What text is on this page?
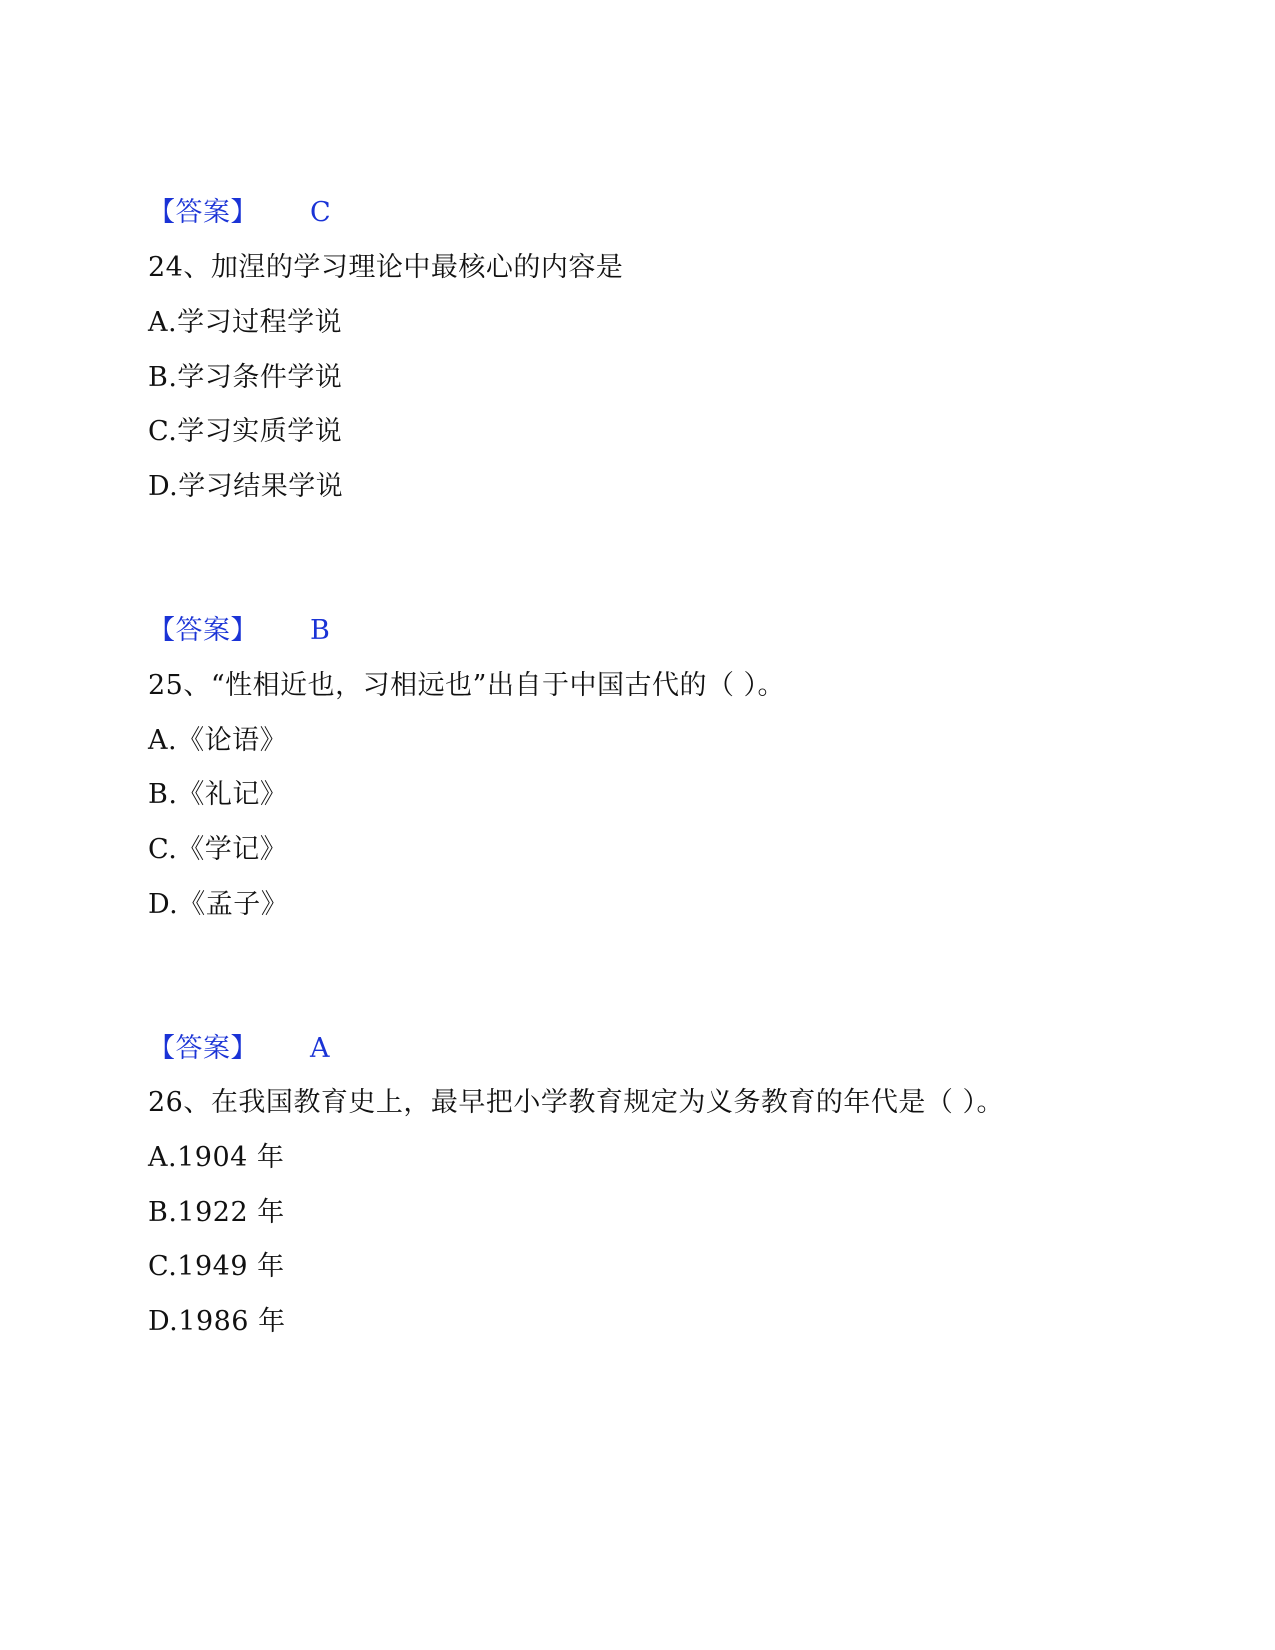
【答案】 C
24、加涅的学习理论中最核心的内容是
A.学习过程学说
B.学习条件学说
C.学习实质学说
D.学习结果学说
【答案】 B
25、“性相近也，习相远也”出自于中国古代的（ ）。
A.《论语》
B.《礼记》
C.《学记》
D.《孟子》
【答案】 A
26、在我国教育史上，最早把小学教育规定为义务教育的年代是（ ）。
A.1904 年
B.1922 年
C.1949 年
D.1986 年
